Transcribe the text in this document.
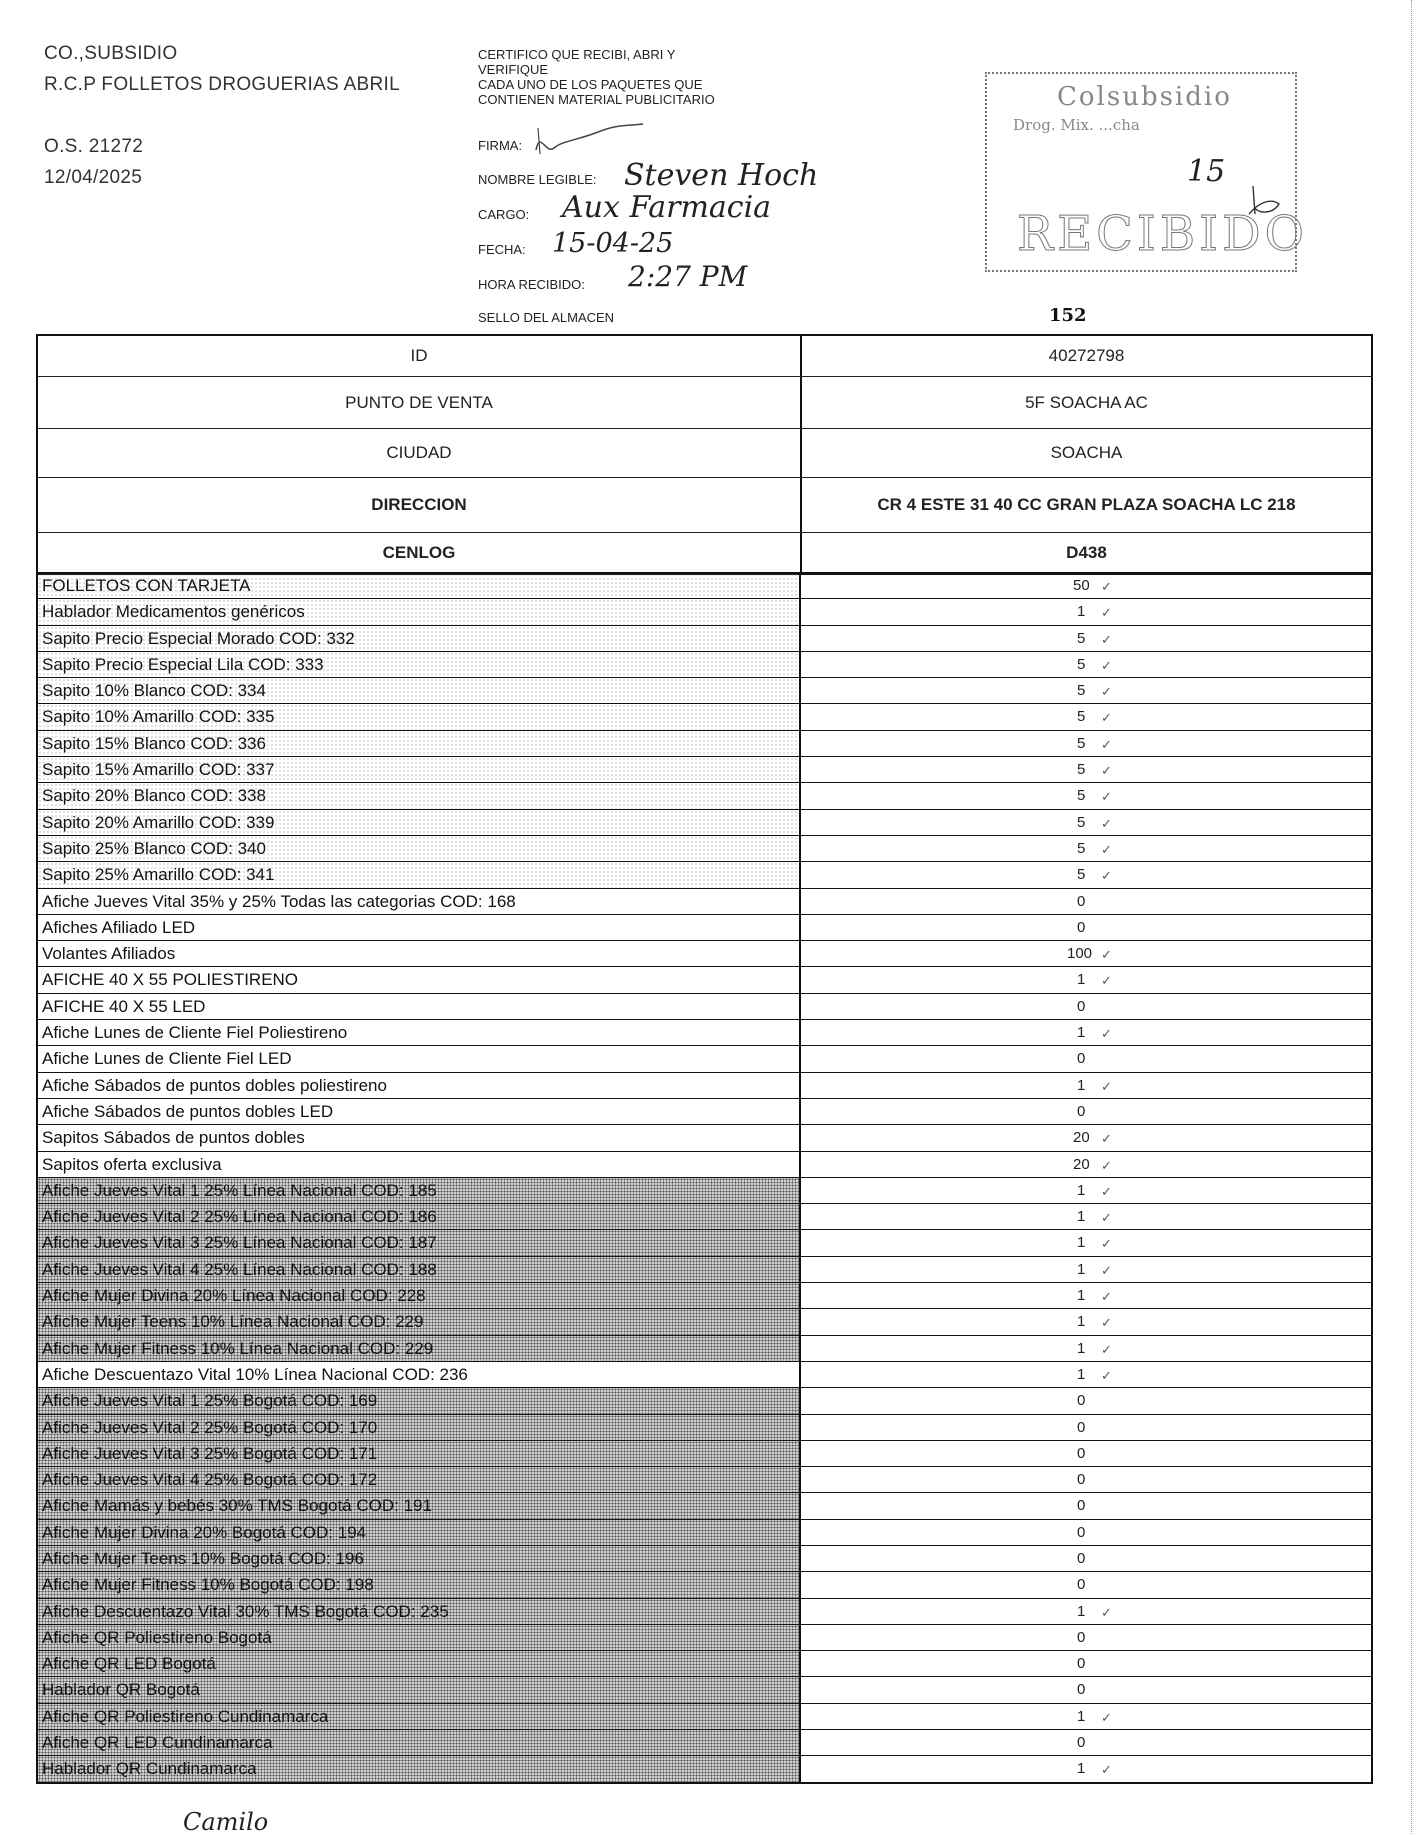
CO.,SUBSIDIO
R.C.P FOLLETOS DROGUERIAS ABRIL
O.S. 21272
12/04/2025
CERTIFICO QUE RECIBI, ABRI Y
VERIFIQUE
CADA UNO DE LOS PAQUETES QUE
CONTIENEN MATERIAL PUBLICITARIO
FIRMA:
NOMBRE LEGIBLE: Steven Hoch
CARGO: Aux Farmacia
FECHA: 15-04-25
HORA RECIBIDO: 2:27 PM
SELLO DEL ALMACEN
Colsubsidio
Drog. Mix. ...cha
15
RECIBIDO
152
ID	40272798
PUNTO DE VENTA	5F SOACHA AC
CIUDAD	SOACHA
DIRECCION	CR 4 ESTE 31 40 CC GRAN PLAZA SOACHA LC 218
CENLOG	D438
FOLLETOS CON TARJETA	50 ✓
Hablador Medicamentos genéricos	1 ✓
Sapito Precio Especial Morado COD: 332	5 ✓
Sapito Precio Especial Lila COD: 333	5 ✓
Sapito 10% Blanco COD: 334	5 ✓
Sapito 10% Amarillo COD: 335	5 ✓
Sapito 15% Blanco COD: 336	5 ✓
Sapito 15% Amarillo COD: 337	5 ✓
Sapito 20% Blanco COD: 338	5 ✓
Sapito 20% Amarillo COD: 339	5 ✓
Sapito 25% Blanco COD: 340	5 ✓
Sapito 25% Amarillo COD: 341	5 ✓
Afiche Jueves Vital 35% y 25% Todas las categorias COD: 168	0
Afiches Afiliado LED	0
Volantes Afiliados	100 ✓
AFICHE 40 X 55 POLIESTIRENO	1 ✓
AFICHE 40 X 55 LED	0
Afiche Lunes de Cliente Fiel Poliestireno	1 ✓
Afiche Lunes de Cliente Fiel LED	0
Afiche Sábados de puntos dobles poliestireno	1 ✓
Afiche Sábados de puntos dobles LED	0
Sapitos Sábados de puntos dobles	20 ✓
Sapitos oferta exclusiva	20 ✓
Afiche Jueves Vital 1 25% Línea Nacional COD: 185	1 ✓
Afiche Jueves Vital 2 25% Línea Nacional COD: 186	1 ✓
Afiche Jueves Vital 3 25% Línea Nacional COD: 187	1 ✓
Afiche Jueves Vital 4 25% Línea Nacional COD: 188	1 ✓
Afiche Mujer Divina 20% Línea Nacional COD: 228	1 ✓
Afiche Mujer Teens 10% Línea Nacional COD: 229	1 ✓
Afiche Mujer Fitness 10% Línea Nacional COD: 229	1 ✓
Afiche Descuentazo Vital 10% Línea Nacional COD: 236	1 ✓
Afiche Jueves Vital 1 25% Bogotá COD: 169	0
Afiche Jueves Vital 2 25% Bogotá COD: 170	0
Afiche Jueves Vital 3 25% Bogotá COD: 171	0
Afiche Jueves Vital 4 25% Bogotá COD: 172	0
Afiche Mamás y bebés 30% TMS Bogotá COD: 191	0
Afiche Mujer Divina 20% Bogotá COD: 194	0
Afiche Mujer Teens 10% Bogotá COD: 196	0
Afiche Mujer Fitness 10% Bogotá COD: 198	0
Afiche Descuentazo Vital 30% TMS Bogotá COD: 235	1 ✓
Afiche QR Poliestireno Bogotá	0
Afiche QR LED Bogotá	0
Hablador QR Bogotá	0
Afiche QR Poliestireno Cundinamarca	1 ✓
Afiche QR LED Cundinamarca	0
Hablador QR Cundinamarca	1 ✓
Camilo
